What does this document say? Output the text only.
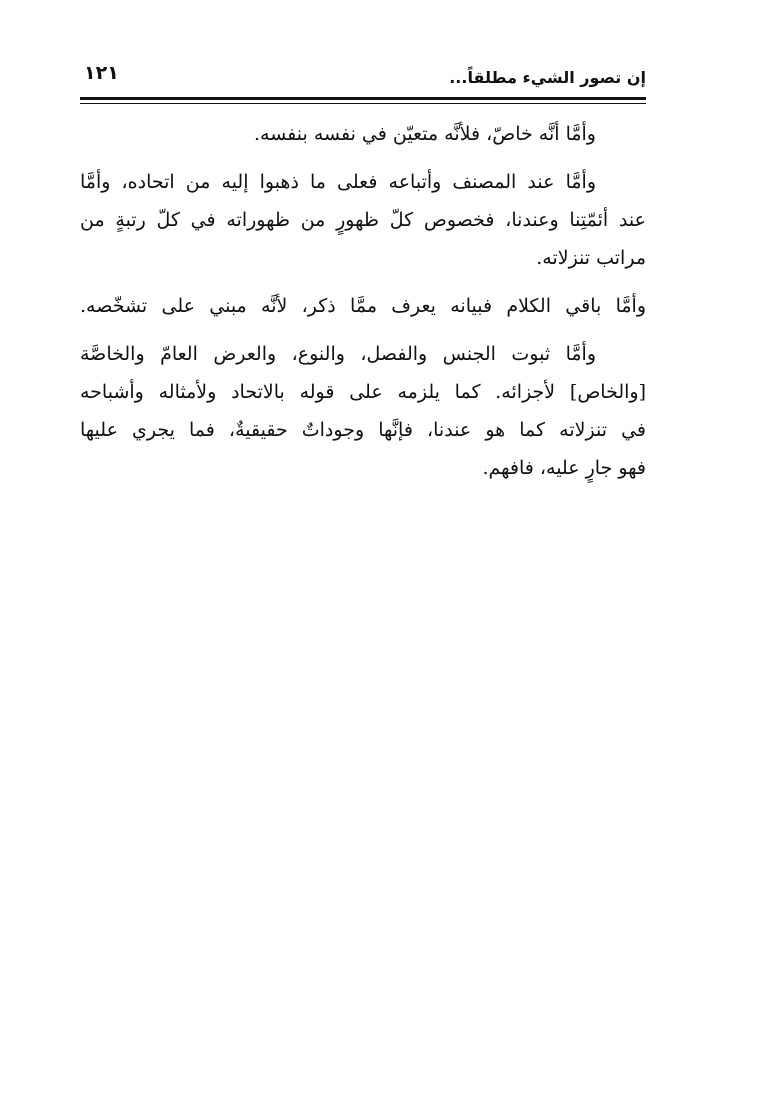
١٢١	إن تصور الشيء مطلقاً...
وأمَّا أنَّه خاصّ، فلأنَّه متعيّن في نفسه بنفسه.
وأمَّا عند المصنف وأتباعه فعلى ما ذهبوا إليه من اتحاده، وأمَّا
عند أئمّتِنا وعندنا، فخصوص كلّ ظهورٍ من ظهوراته في كلّ رتبةٍ من
مراتب تنزلاته.
وأمَّا باقي الكلام فبيانه يعرف ممَّا ذكر، لأنَّه مبني على تشخّصه.
وأمَّا ثبوت الجنس والفصل، والنوع، والعرض العامّ والخاصَّة
[والخاص] لأجزائه. كما يلزمه على قوله بالاتحاد ولأمثاله وأشباحه
في تنزلاته كما هو عندنا، فإنَّها وجوداتٌ حقيقيةٌ، فما يجري عليها
فهو جارٍ عليه، فافهم.
